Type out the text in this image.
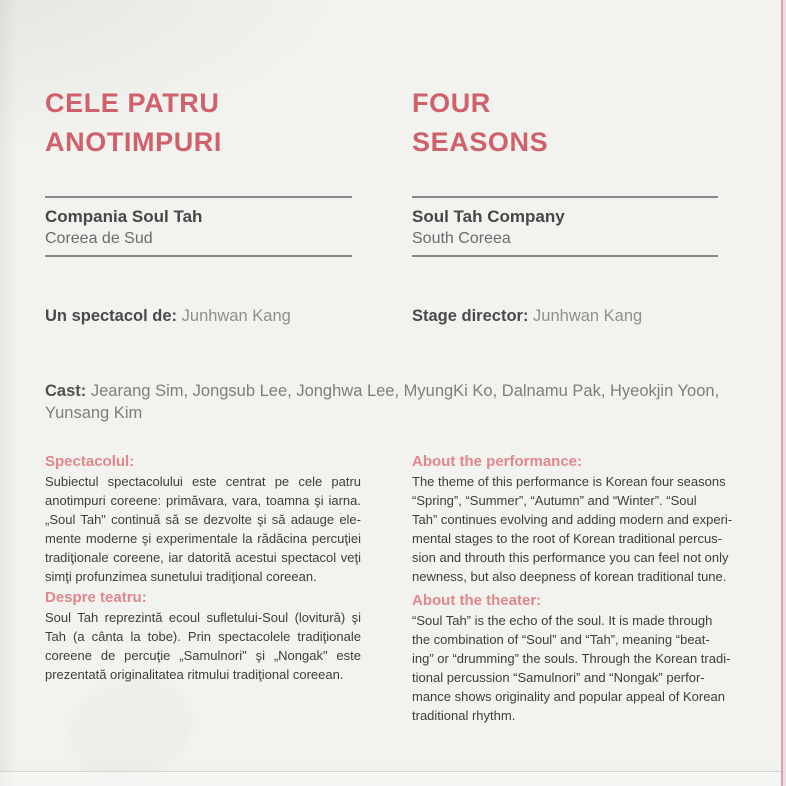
CELE PATRU
ANOTIMPURI
FOUR
SEASONS
Compania Soul Tah
Coreea de Sud
Soul Tah Company
South Coreea
Un spectacol de: Junhwan Kang	Stage director: Junhwan Kang
Cast: Jearang Sim, Jongsub Lee, Jonghwa Lee, MyungKi Ko, Dalnamu Pak, Hyeokjin Yoon, Yunsang Kim
Spectacolul:
Subiectul spectacolului este centrat pe cele patru
anotimpuri coreene: primăvara, vara, toamna şi iarna.
„Soul Tah" continuă să se dezvolte şi să adauge ele-
mente moderne şi experimentale la rădăcina percuţiei
tradiţionale coreene, iar datorită acestui spectacol veţi
simţi profunzimea sunetului tradiţional coreean.
Despre teatru:
Soul Tah reprezintă ecoul sufletului-Soul (lovitură) şi
Tah (a cânta la tobe). Prin spectacolele tradiţionale
coreene de percuţie „Samulnori" şi „Nongak" este
prezentată originalitatea ritmului tradiţional coreean.
About the performance:
The theme of this performance is Korean four seasons
“Spring”, “Summer”, “Autumn” and “Winter”. “Soul
Tah” continues evolving and adding modern and experi-
mental stages to the root of Korean traditional percus-
sion and throuth this performance you can feel not only
newness, but also deepness of korean traditional tune.
About the theater:
“Soul Tah” is the echo of the soul. It is made through
the combination of “Soul” and “Tah”, meaning “beat-
ing” or “drumming” the souls. Through the Korean tradi-
tional percussion “Samulnori” and “Nongak” perfor-
mance shows originality and popular appeal of Korean
traditional rhythm.
